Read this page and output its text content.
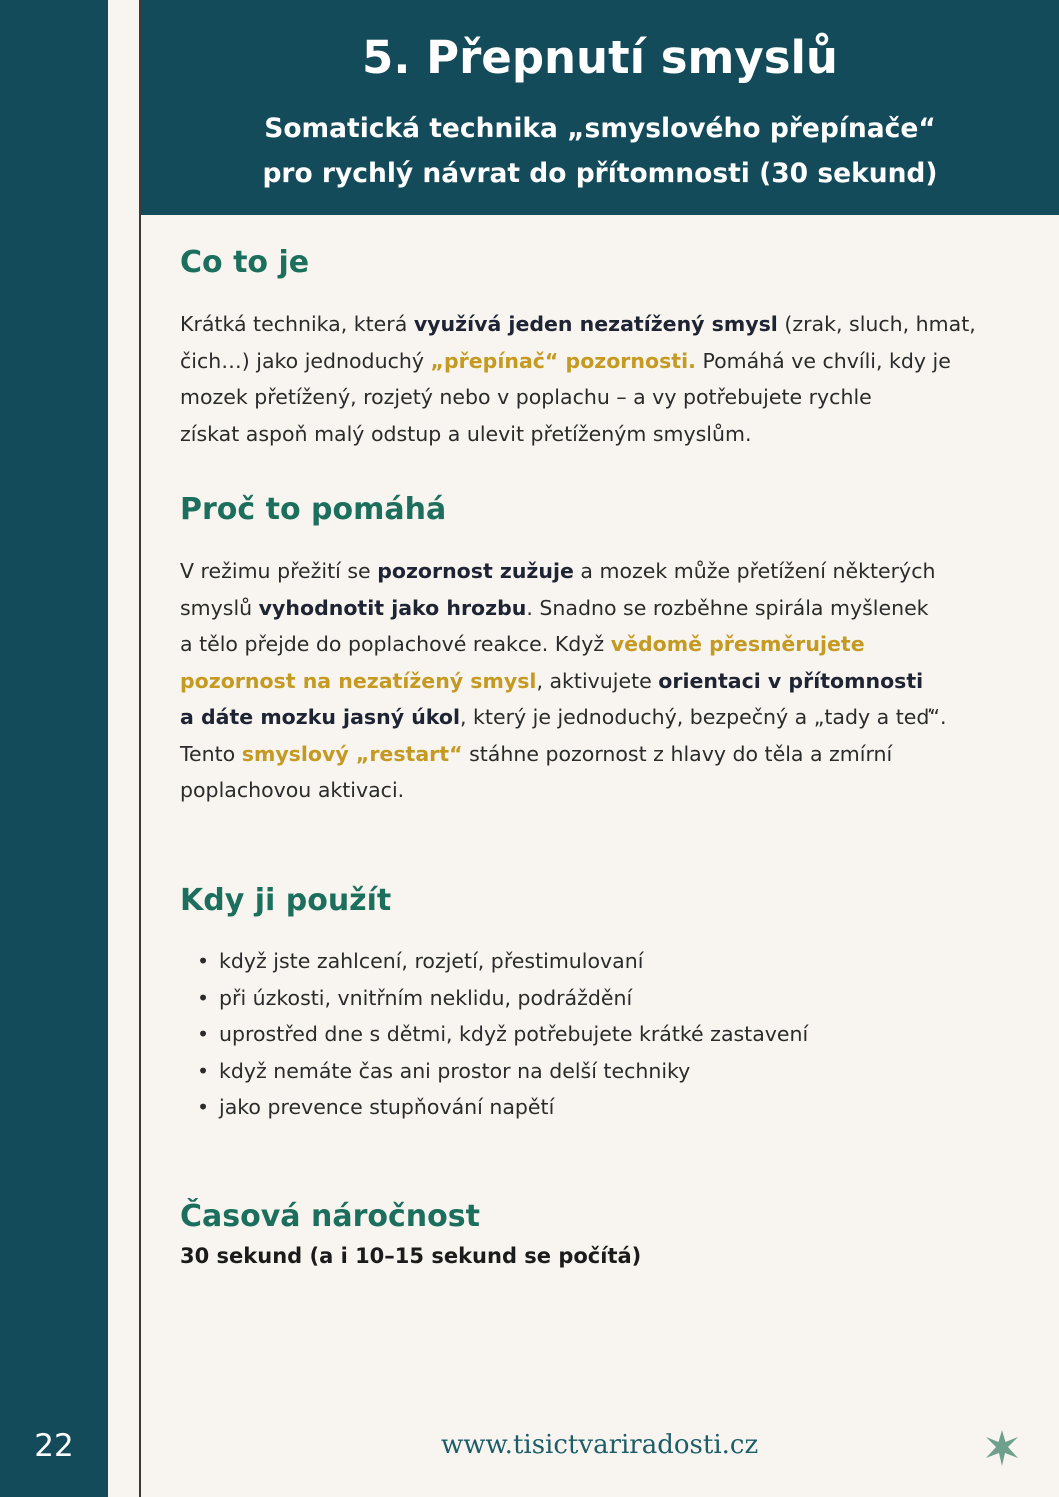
22
5. Přepnutí smyslů
Somatická technika „smyslového přepínače“
pro rychlý návrat do přítomnosti (30 sekund)
Co to je
Krátká technika, která využívá jeden nezatížený smysl (zrak, sluch, hmat,
čich…) jako jednoduchý „přepínač“ pozornosti. Pomáhá ve chvíli, kdy je
mozek přetížený, rozjetý nebo v poplachu – a vy potřebujete rychle
získat aspoň malý odstup a ulevit přetíženým smyslům.
Proč to pomáhá
V režimu přežití se pozornost zužuje a mozek může přetížení některých
smyslů vyhodnotit jako hrozbu. Snadno se rozběhne spirála myšlenek
a tělo přejde do poplachové reakce. Když vědomě přesměrujete
pozornost na nezatížený smysl, aktivujete orientaci v přítomnosti
a dáte mozku jasný úkol, který je jednoduchý, bezpečný a „tady a teď“.
Tento smyslový „restart“ stáhne pozornost z hlavy do těla a zmírní
poplachovou aktivaci.
Kdy ji použít
• když jste zahlcení, rozjetí, přestimulovaní
• při úzkosti, vnitřním neklidu, podráždění
• uprostřed dne s dětmi, když potřebujete krátké zastavení
• když nemáte čas ani prostor na delší techniky
• jako prevence stupňování napětí
Časová náročnost
30 sekund (a i 10–15 sekund se počítá)
www.tisictvariradosti.cz
